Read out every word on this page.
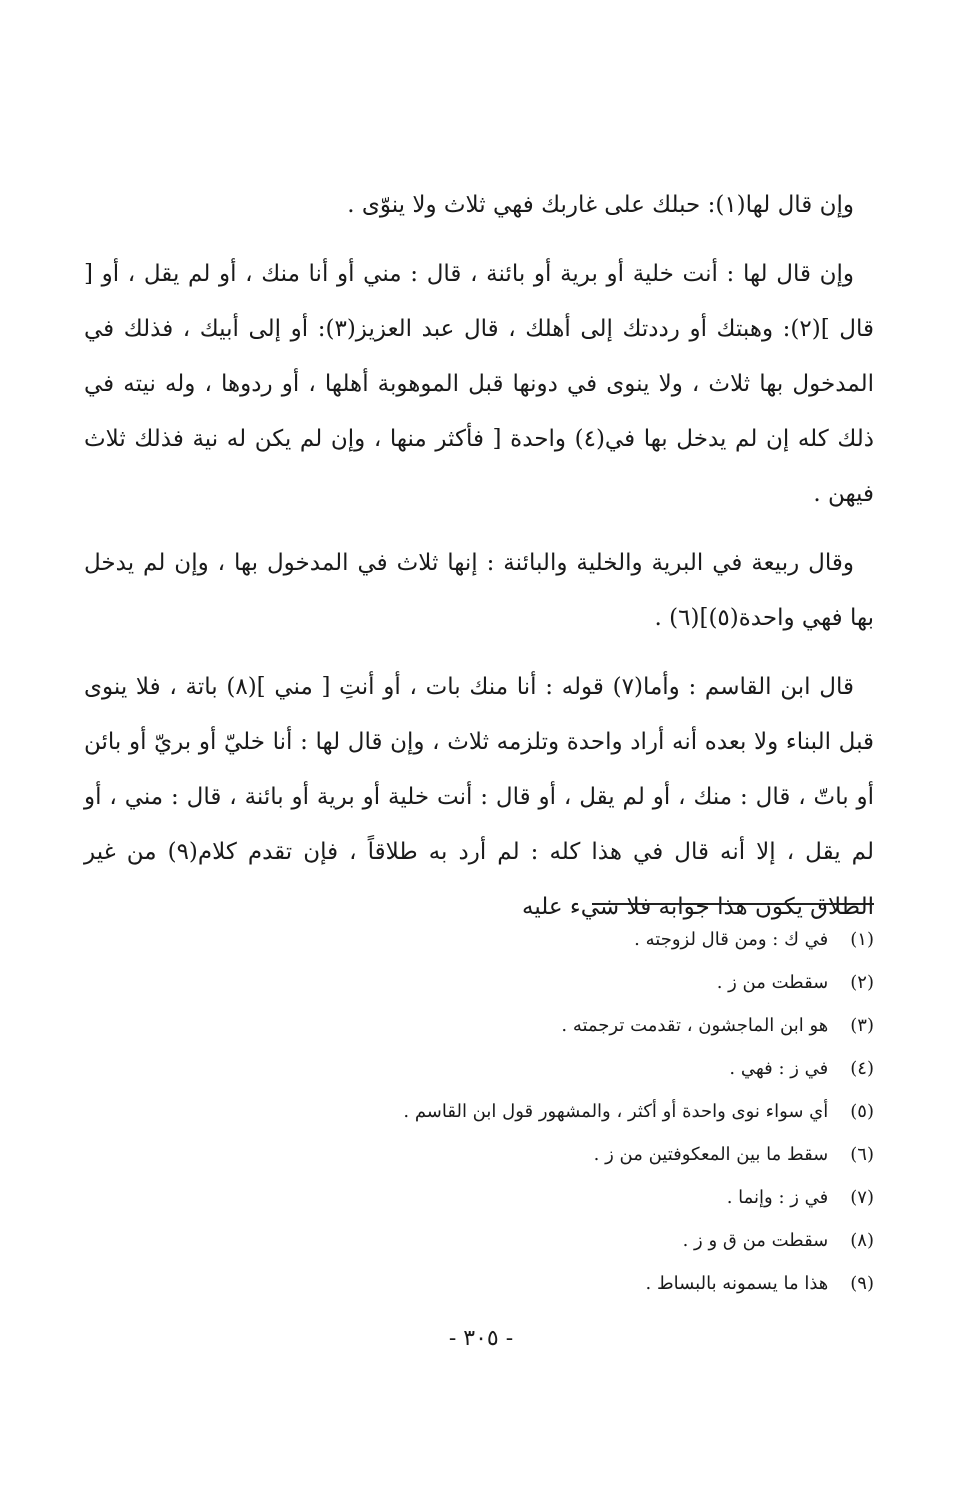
وإن قال لها(١): حبلك على غاربك فهي ثلاث ولا ينوّى .

وإن قال لها : أنت خلية أو برية أو بائنة ، قال : مني أو أنا منك ، أو لم يقل ، أو [ قال ](٢): وهبتك أو رددتك إلى أهلك ، قال عبد العزيز(٣): أو إلى أبيك ، فذلك في المدخول بها ثلاث ، ولا ينوى في دونها قبل الموهوبة أهلها ، أو ردوها ، وله نيته في ذلك كله إن لم يدخل بها في(٤) واحدة [ فأكثر منها ، وإن لم يكن له نية فذلك ثلاث فيهن .

وقال ربيعة في البرية والخلية والبائنة : إنها ثلاث في المدخول بها ، وإن لم يدخل بها فهي واحدة(٥)](٦) .

قال ابن القاسم : وأما(٧) قوله : أنا منك بات ، أو أنتِ [ مني ](٨) باتة ، فلا ينوى قبل البناء ولا بعده أنه أراد واحدة وتلزمه ثلاث ، وإن قال لها : أنا خليّ أو بريّ أو بائن أو باتّ ، قال : منك ، أو لم يقل ، أو قال : أنت خلية أو برية أو بائنة ، قال : مني ، أو لم يقل ، إلا أنه قال في هذا كله : لم أرد به طلاقاً ، فإن تقدم كلام(٩) من غير الطلاق يكون هذا جوابه فلا شيء عليه

(١) في ك : ومن قال لزوجته .
(٢) سقطت من ز .
(٣) هو ابن الماجشون ، تقدمت ترجمته .
(٤) في ز : فهي .
(٥) أي سواء نوى واحدة أو أكثر ، والمشهور قول ابن القاسم .
(٦) سقط ما بين المعكوفتين من ز .
(٧) في ز : وإنما .
(٨) سقطت من ق و ز .
(٩) هذا ما يسمونه بالبساط .
- ٣٠٥ -
